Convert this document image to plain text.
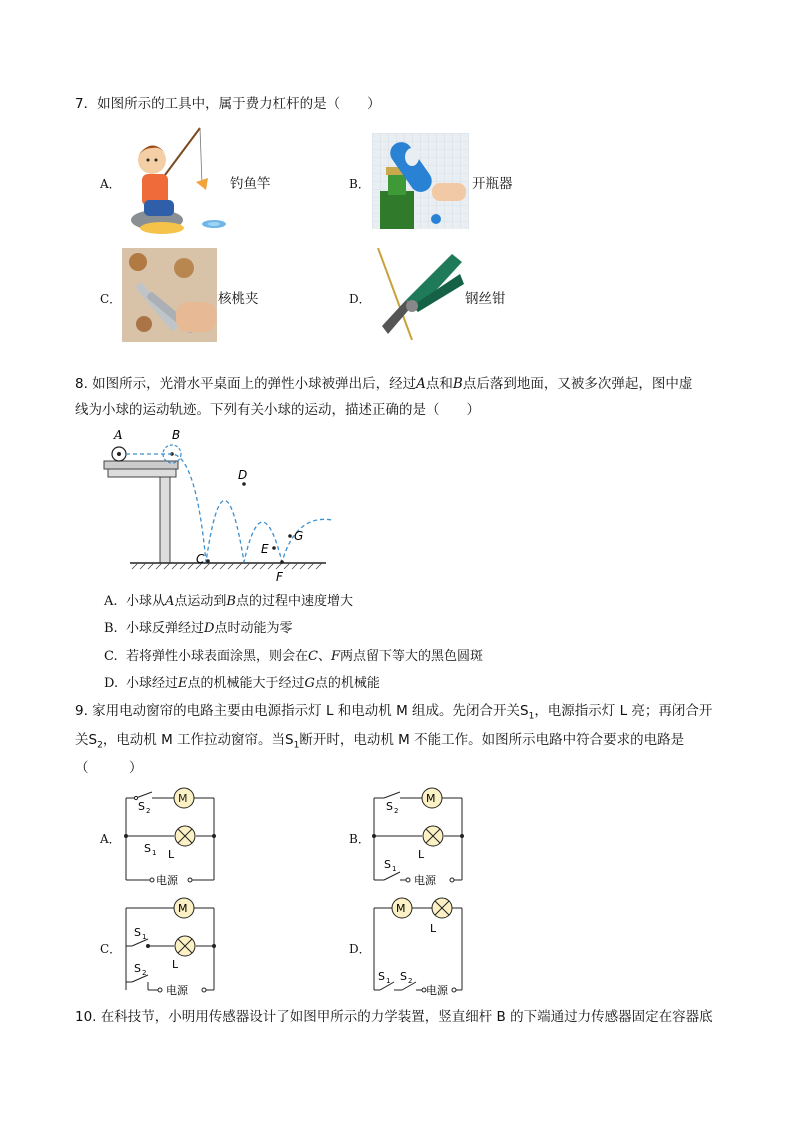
7．如图所示的工具中，属于费力杠杆的是（　　）
A．	钓鱼竿	B．	开瓶器
C．	核桃夹	D．	钢丝钳
8. 如图所示，光滑水平桌面上的弹性小球被弹出后，经过A点和B点后落到地面，又被多次弹起，图中虚
线为小球的运动轨迹。下列有关小球的运动，描述正确的是（　　）
A	B
C
D
E
F
G
A. 小球从A点运动到B点的过程中速度增大
B. 小球反弹经过D点时动能为零
C. 若将弹性小球表面涂黑，则会在C、F两点留下等大的黑色圆斑
D. 小球经过E点的机械能大于经过G点的机械能
9. 家用电动窗帘的电路主要由电源指示灯 L 和电动机 M 组成。先闭合开关$S_1$，电源指示灯 L 亮；再闭合开
关$S_2$，电动机 M 工作拉动窗帘。当$S_1$断开时，电动机 M 不能工作。如图所示电路中符合要求的电路是
（　　　）
A．	B．
C．	D．
M
S 2
S 1 L
电源
M
S 2
L
S 1
电源
M
S 1
L
S 2
电源
M
L
S 1 S 2
电源
10. 在科技节，小明用传感器设计了如图甲所示的力学装置，竖直细杆 B 的下端通过力传感器固定在容器底
